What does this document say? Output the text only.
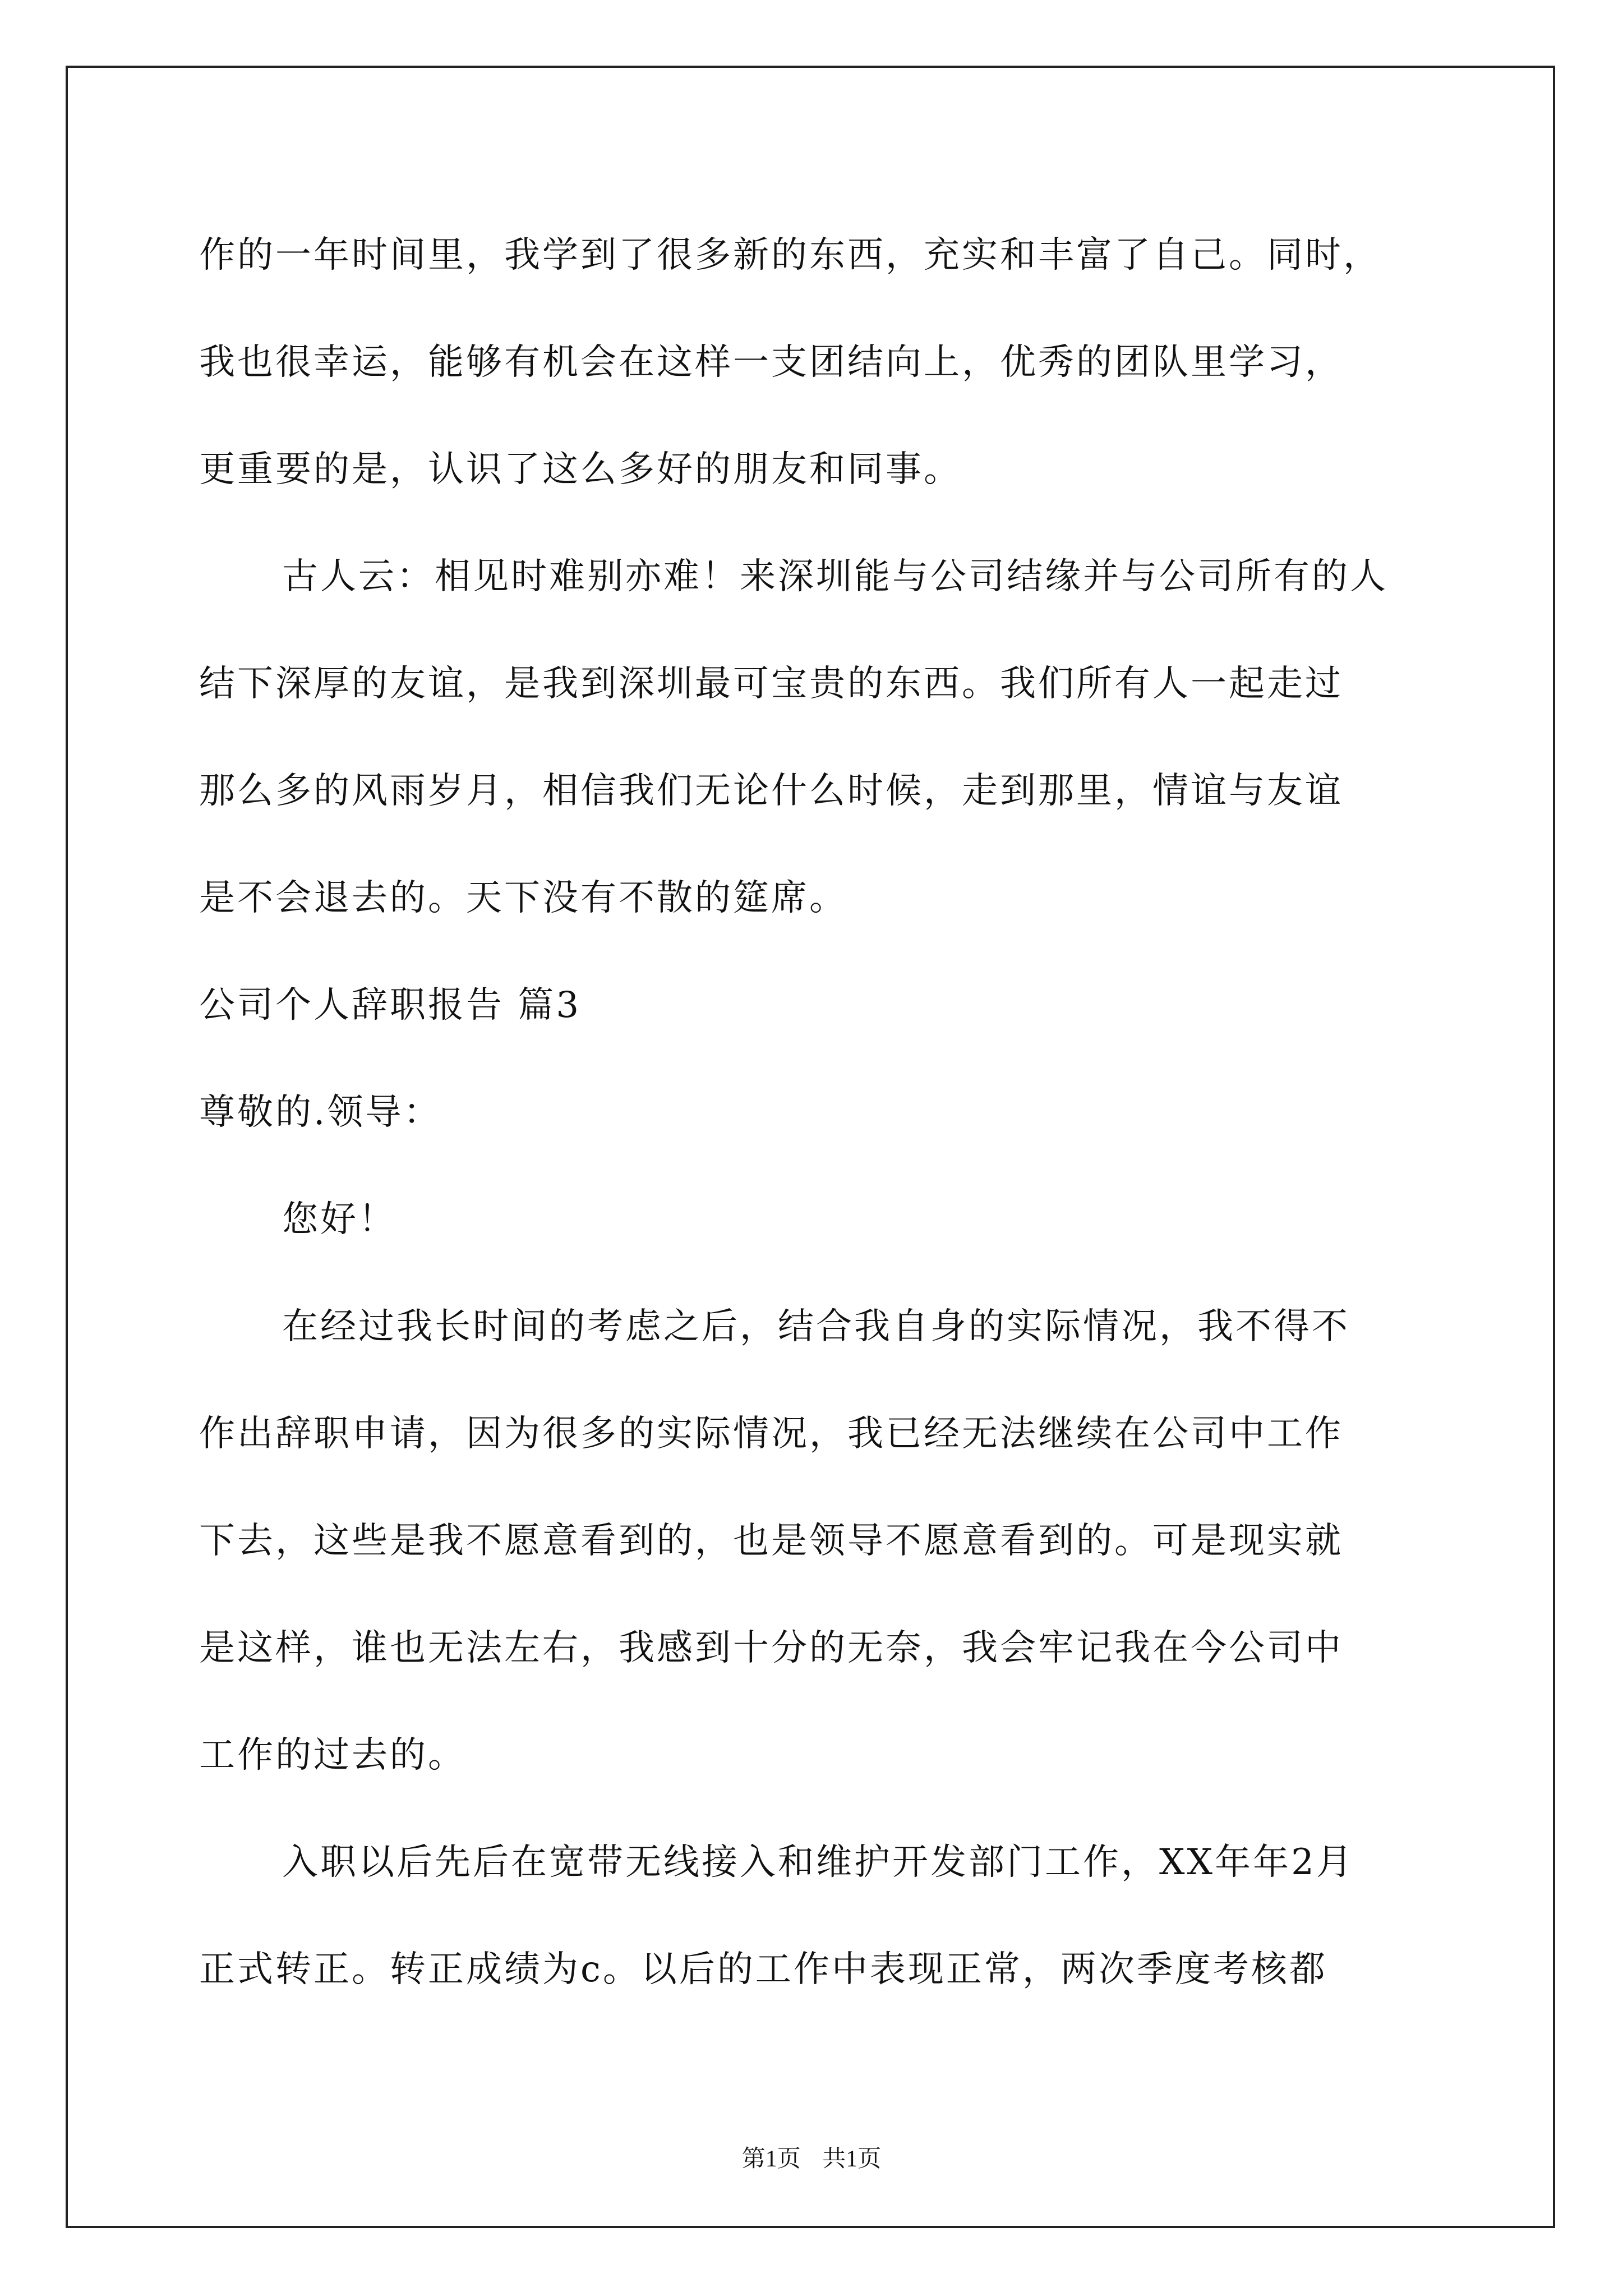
作的一年时间里，我学到了很多新的东西，充实和丰富了自己。同时，
我也很幸运，能够有机会在这样一支团结向上，优秀的团队里学习，
更重要的是，认识了这么多好的朋友和同事。
古人云：相见时难别亦难！来深圳能与公司结缘并与公司所有的人
结下深厚的友谊，是我到深圳最可宝贵的东西。我们所有人一起走过
那么多的风雨岁月，相信我们无论什么时候，走到那里，情谊与友谊
是不会退去的。天下没有不散的筵席。
公司个人辞职报告 篇3
尊敬的.领导：
您好！
在经过我长时间的考虑之后，结合我自身的实际情况，我不得不
作出辞职申请，因为很多的实际情况，我已经无法继续在公司中工作
下去，这些是我不愿意看到的，也是领导不愿意看到的。可是现实就
是这样，谁也无法左右，我感到十分的无奈，我会牢记我在今公司中
工作的过去的。
入职以后先后在宽带无线接入和维护开发部门工作，XX年年2月
正式转正。转正成绩为c。以后的工作中表现正常，两次季度考核都
第1页 共1页
